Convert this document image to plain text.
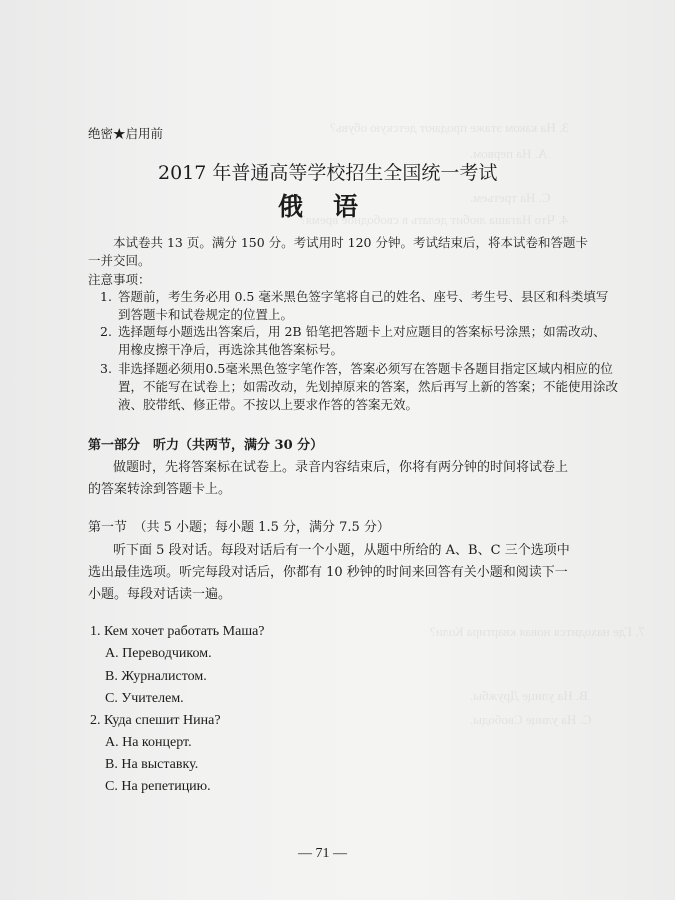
3. На каком этаже продают детскую обувь?
A. На первом.
C. На третьем.
4. Что Наташа любит делать в свободное время?
7. Где находится новая квартира Коли?
B. На улице Дружбы.
C. На улице Свободы.
绝密★启用前
2017 年普通高等学校招生全国统一考试
俄语
本试卷共 13 页。满分 150 分。考试用时 120 分钟。考试结束后，将本试卷和答题卡一并交回。
注意事项：
1. 答题前，考生务必用 0.5 毫米黑色签字笔将自己的姓名、座号、考生号、县区和科类填写到答题卡和试卷规定的位置上。
2. 选择题每小题选出答案后，用 2B 铅笔把答题卡上对应题目的答案标号涂黑；如需改动、用橡皮擦干净后，再选涂其他答案标号。
3. 非选择题必须用0.5毫米黑色签字笔作答，答案必须写在答题卡各题目指定区域内相应的位置，不能写在试卷上；如需改动，先划掉原来的答案，然后再写上新的答案；不能使用涂改液、胶带纸、修正带。不按以上要求作答的答案无效。
第一部分　听力（共两节，满分 30 分）
做题时，先将答案标在试卷上。录音内容结束后，你将有两分钟的时间将试卷上的答案转涂到答题卡上。
第一节　（共 5 小题；每小题 1.5 分，满分 7.5 分）
听下面 5 段对话。每段对话后有一个小题，从题中所给的 A、B、C 三个选项中选出最佳选项。听完每段对话后，你都有 10 秒钟的时间来回答有关小题和阅读下一小题。每段对话读一遍。
1. Кем хочет работать Маша?
A. Переводчиком.
B. Журналистом.
C. Учителем.
2. Куда спешит Нина?
A. На концерт.
B. На выставку.
C. На репетицию.
— 71 —
